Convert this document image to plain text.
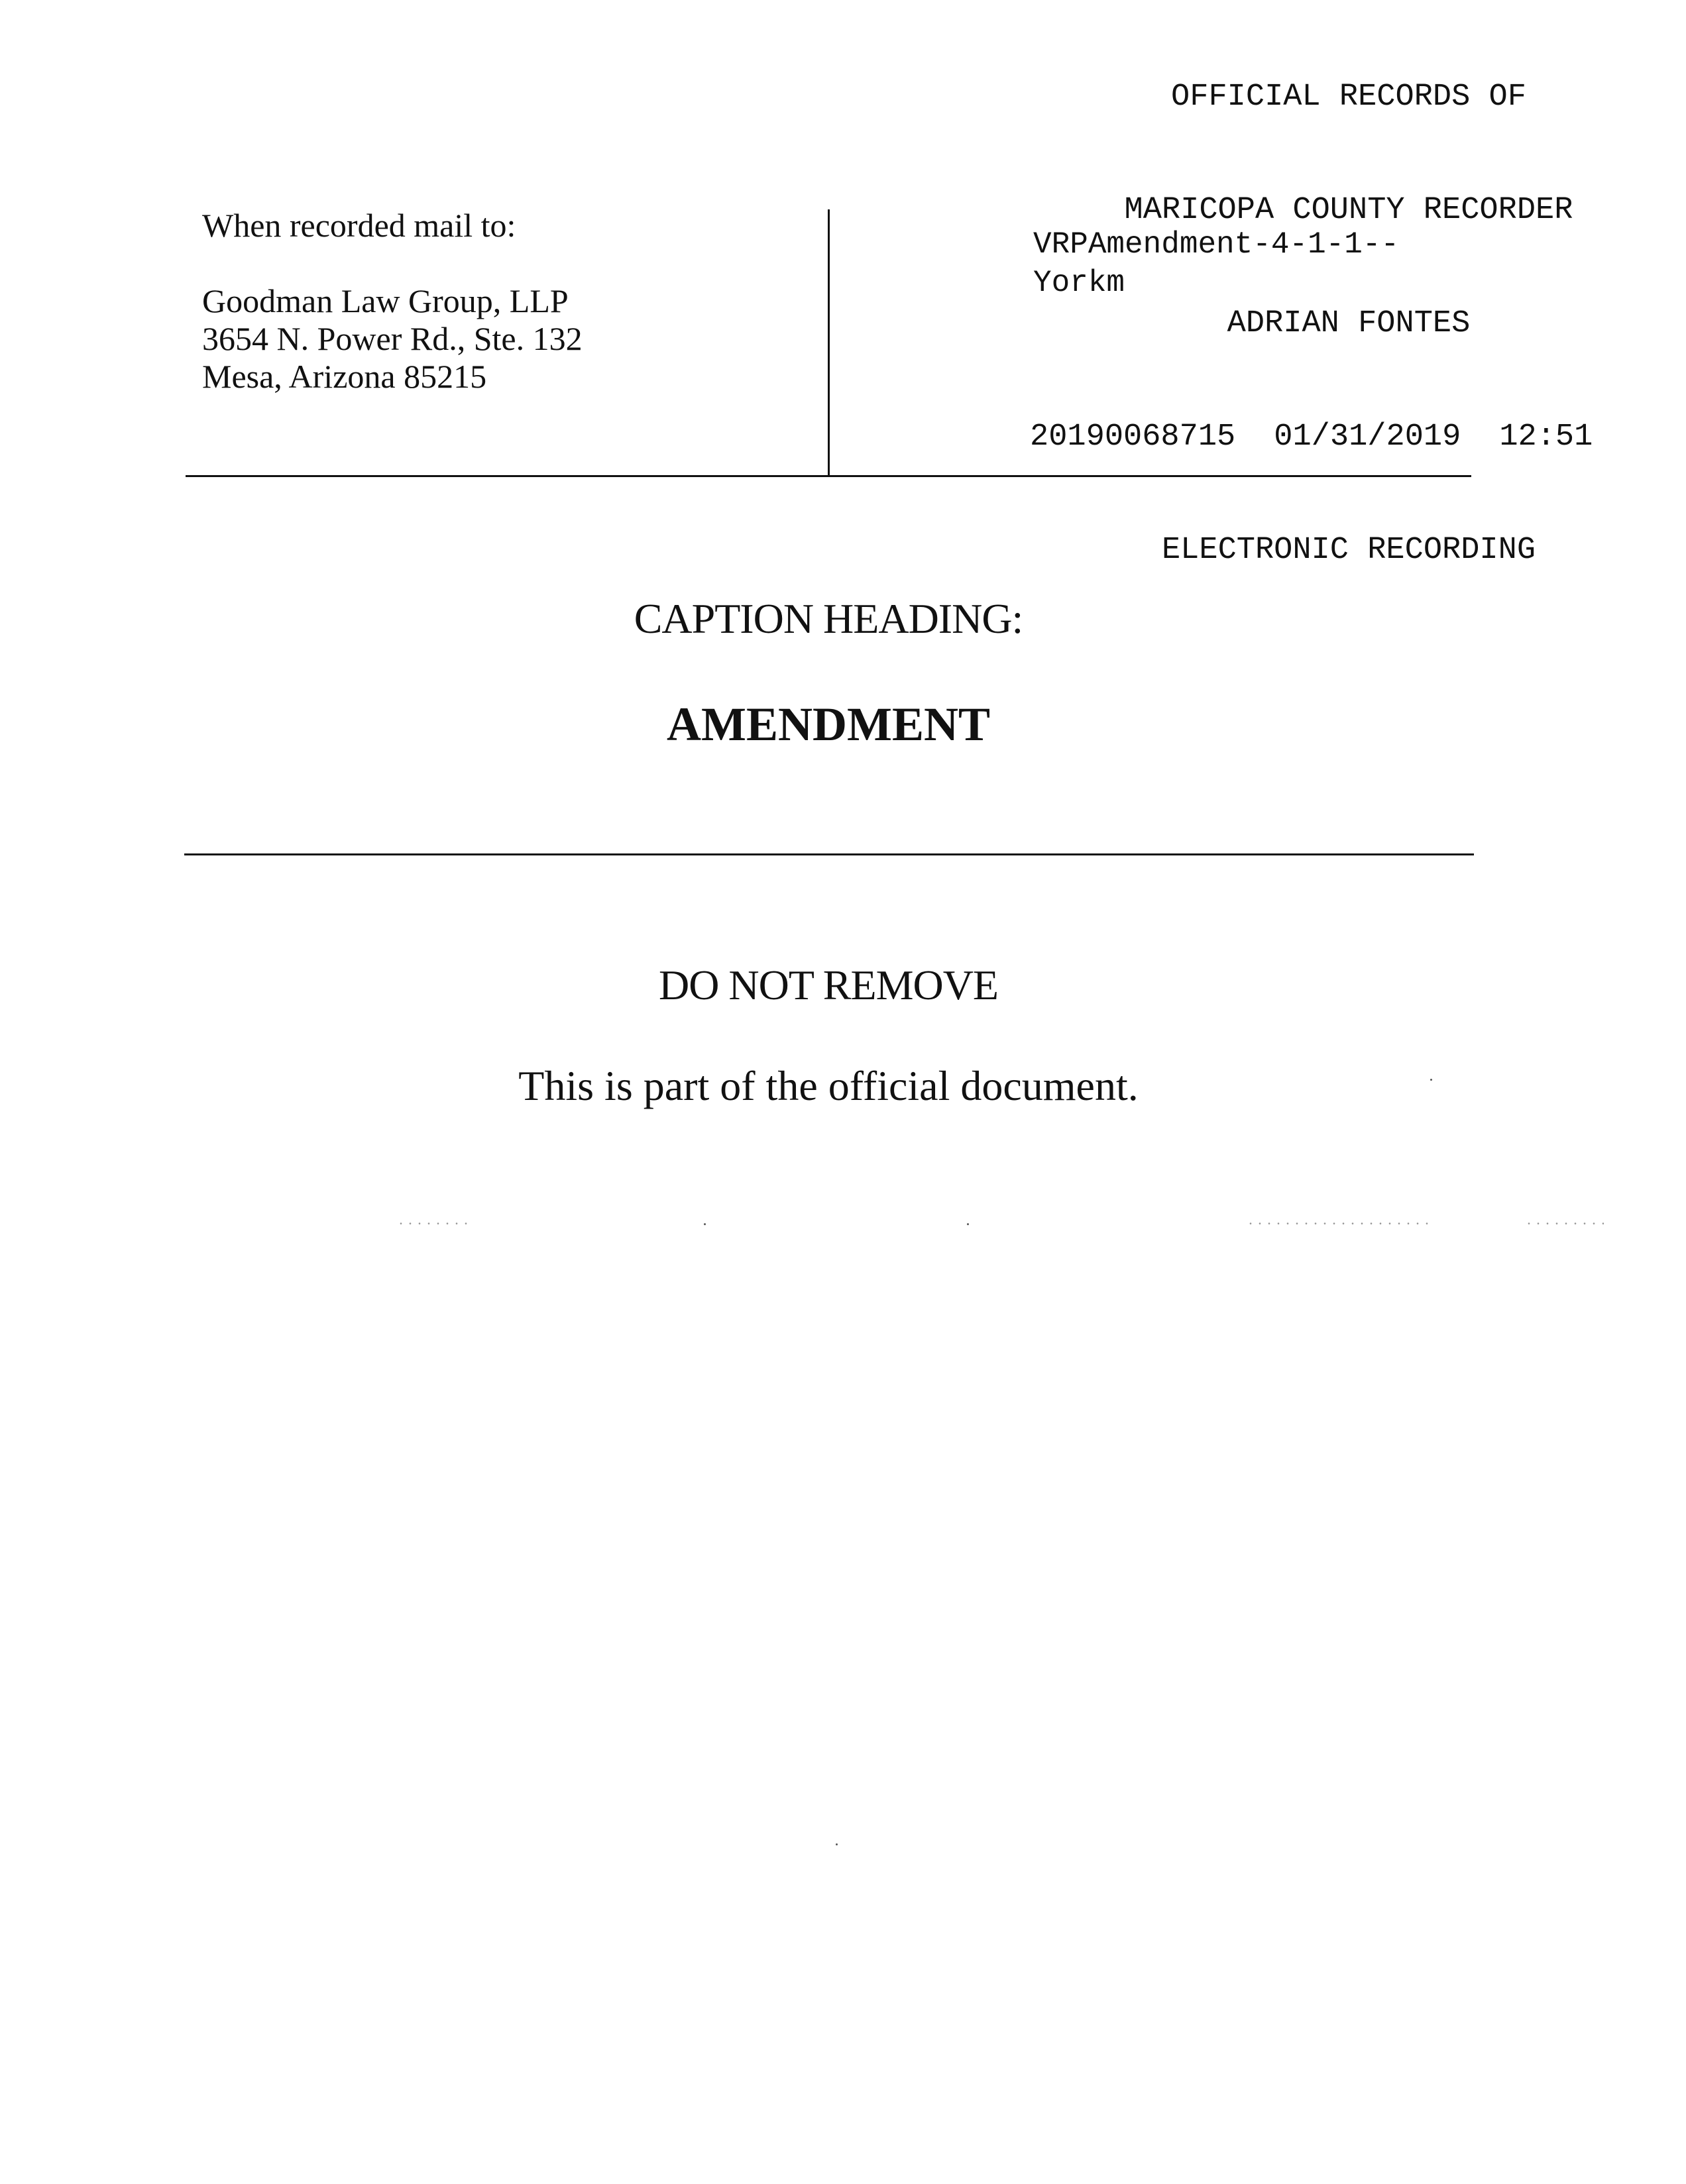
OFFICIAL RECORDS OF

MARICOPA COUNTY RECORDER

ADRIAN FONTES

20190068715 01/31/2019 12:51

ELECTRONIC RECORDING

When recorded mail to:
Goodman Law Group, LLP
3654 N. Power Rd., Ste. 132
Mesa, Arizona 85215
VRPAmendment-4-1-1--
Yorkm
CAPTION HEADING:
AMENDMENT
DO NOT REMOVE
This is part of the official document.
